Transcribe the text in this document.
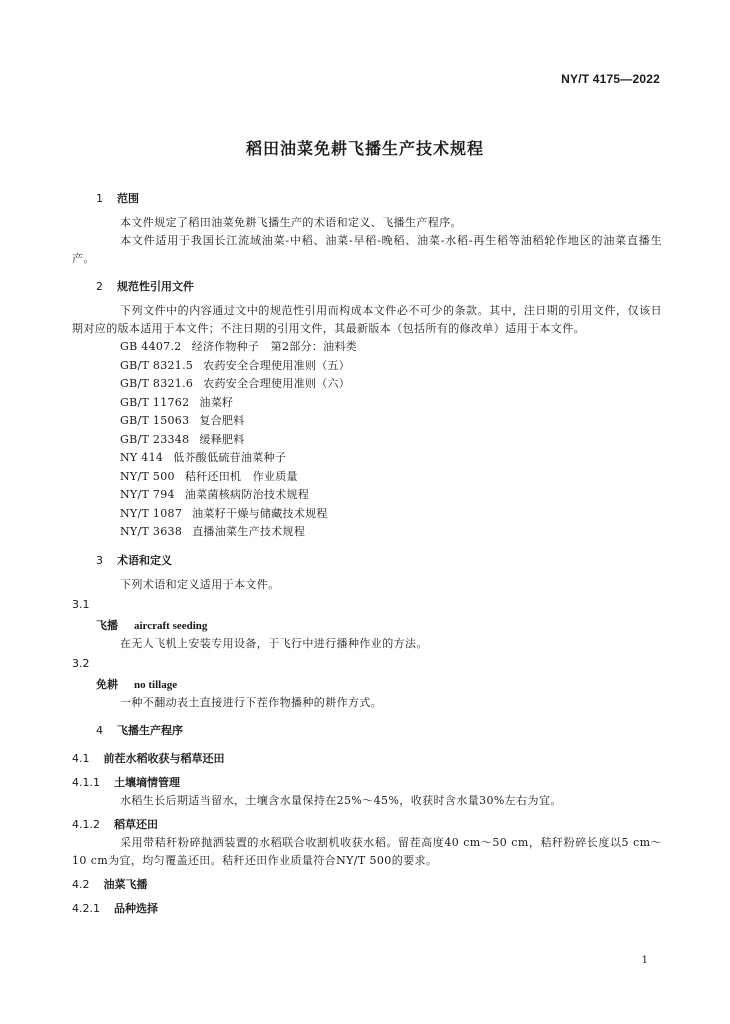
NY/T 4175—2022
稻田油菜免耕飞播生产技术规程

1 范围

本文件规定了稻田油菜免耕飞播生产的术语和定义、飞播生产程序。

本文件适用于我国长江流域油菜-中稻、油菜-早稻-晚稻、油菜-水稻-再生稻等油稻轮作地区的油菜直播生产。

2 规范性引用文件

下列文件中的内容通过文中的规范性引用而构成本文件必不可少的条款。其中，注日期的引用文件，仅该日期对应的版本适用于本文件；不注日期的引用文件，其最新版本（包括所有的修改单）适用于本文件。

GB 4407.2 经济作物种子　第2部分：油料类

GB/T 8321.5 农药安全合理使用准则（五）

GB/T 8321.6 农药安全合理使用准则（六）

GB/T 11762 油菜籽

GB/T 15063 复合肥料

GB/T 23348 缓释肥料

NY 414 低芥酸低硫苷油菜种子

NY/T 500 秸秆还田机　作业质量

NY/T 794 油菜菌核病防治技术规程

NY/T 1087 油菜籽干燥与储藏技术规程

NY/T 3638 直播油菜生产技术规程

3 术语和定义

下列术语和定义适用于本文件。

3.1

飞播 aircraft seeding

在无人飞机上安装专用设备，于飞行中进行播种作业的方法。

3.2

免耕 no tillage

一种不翻动表土直接进行下茬作物播种的耕作方式。

4 飞播生产程序

4.1 前茬水稻收获与稻草还田

4.1.1 土壤墒情管理

水稻生长后期适当留水，土壤含水量保持在25%～45%，收获时含水量30%左右为宜。

4.1.2 稻草还田

采用带秸秆粉碎抛洒装置的水稻联合收割机收获水稻。留茬高度40 cm～50 cm，秸秆粉碎长度以5 cm～10 cm为宜，均匀覆盖还田。秸秆还田作业质量符合NY/T 500的要求。

4.2 油菜飞播

4.2.1 品种选择

1
